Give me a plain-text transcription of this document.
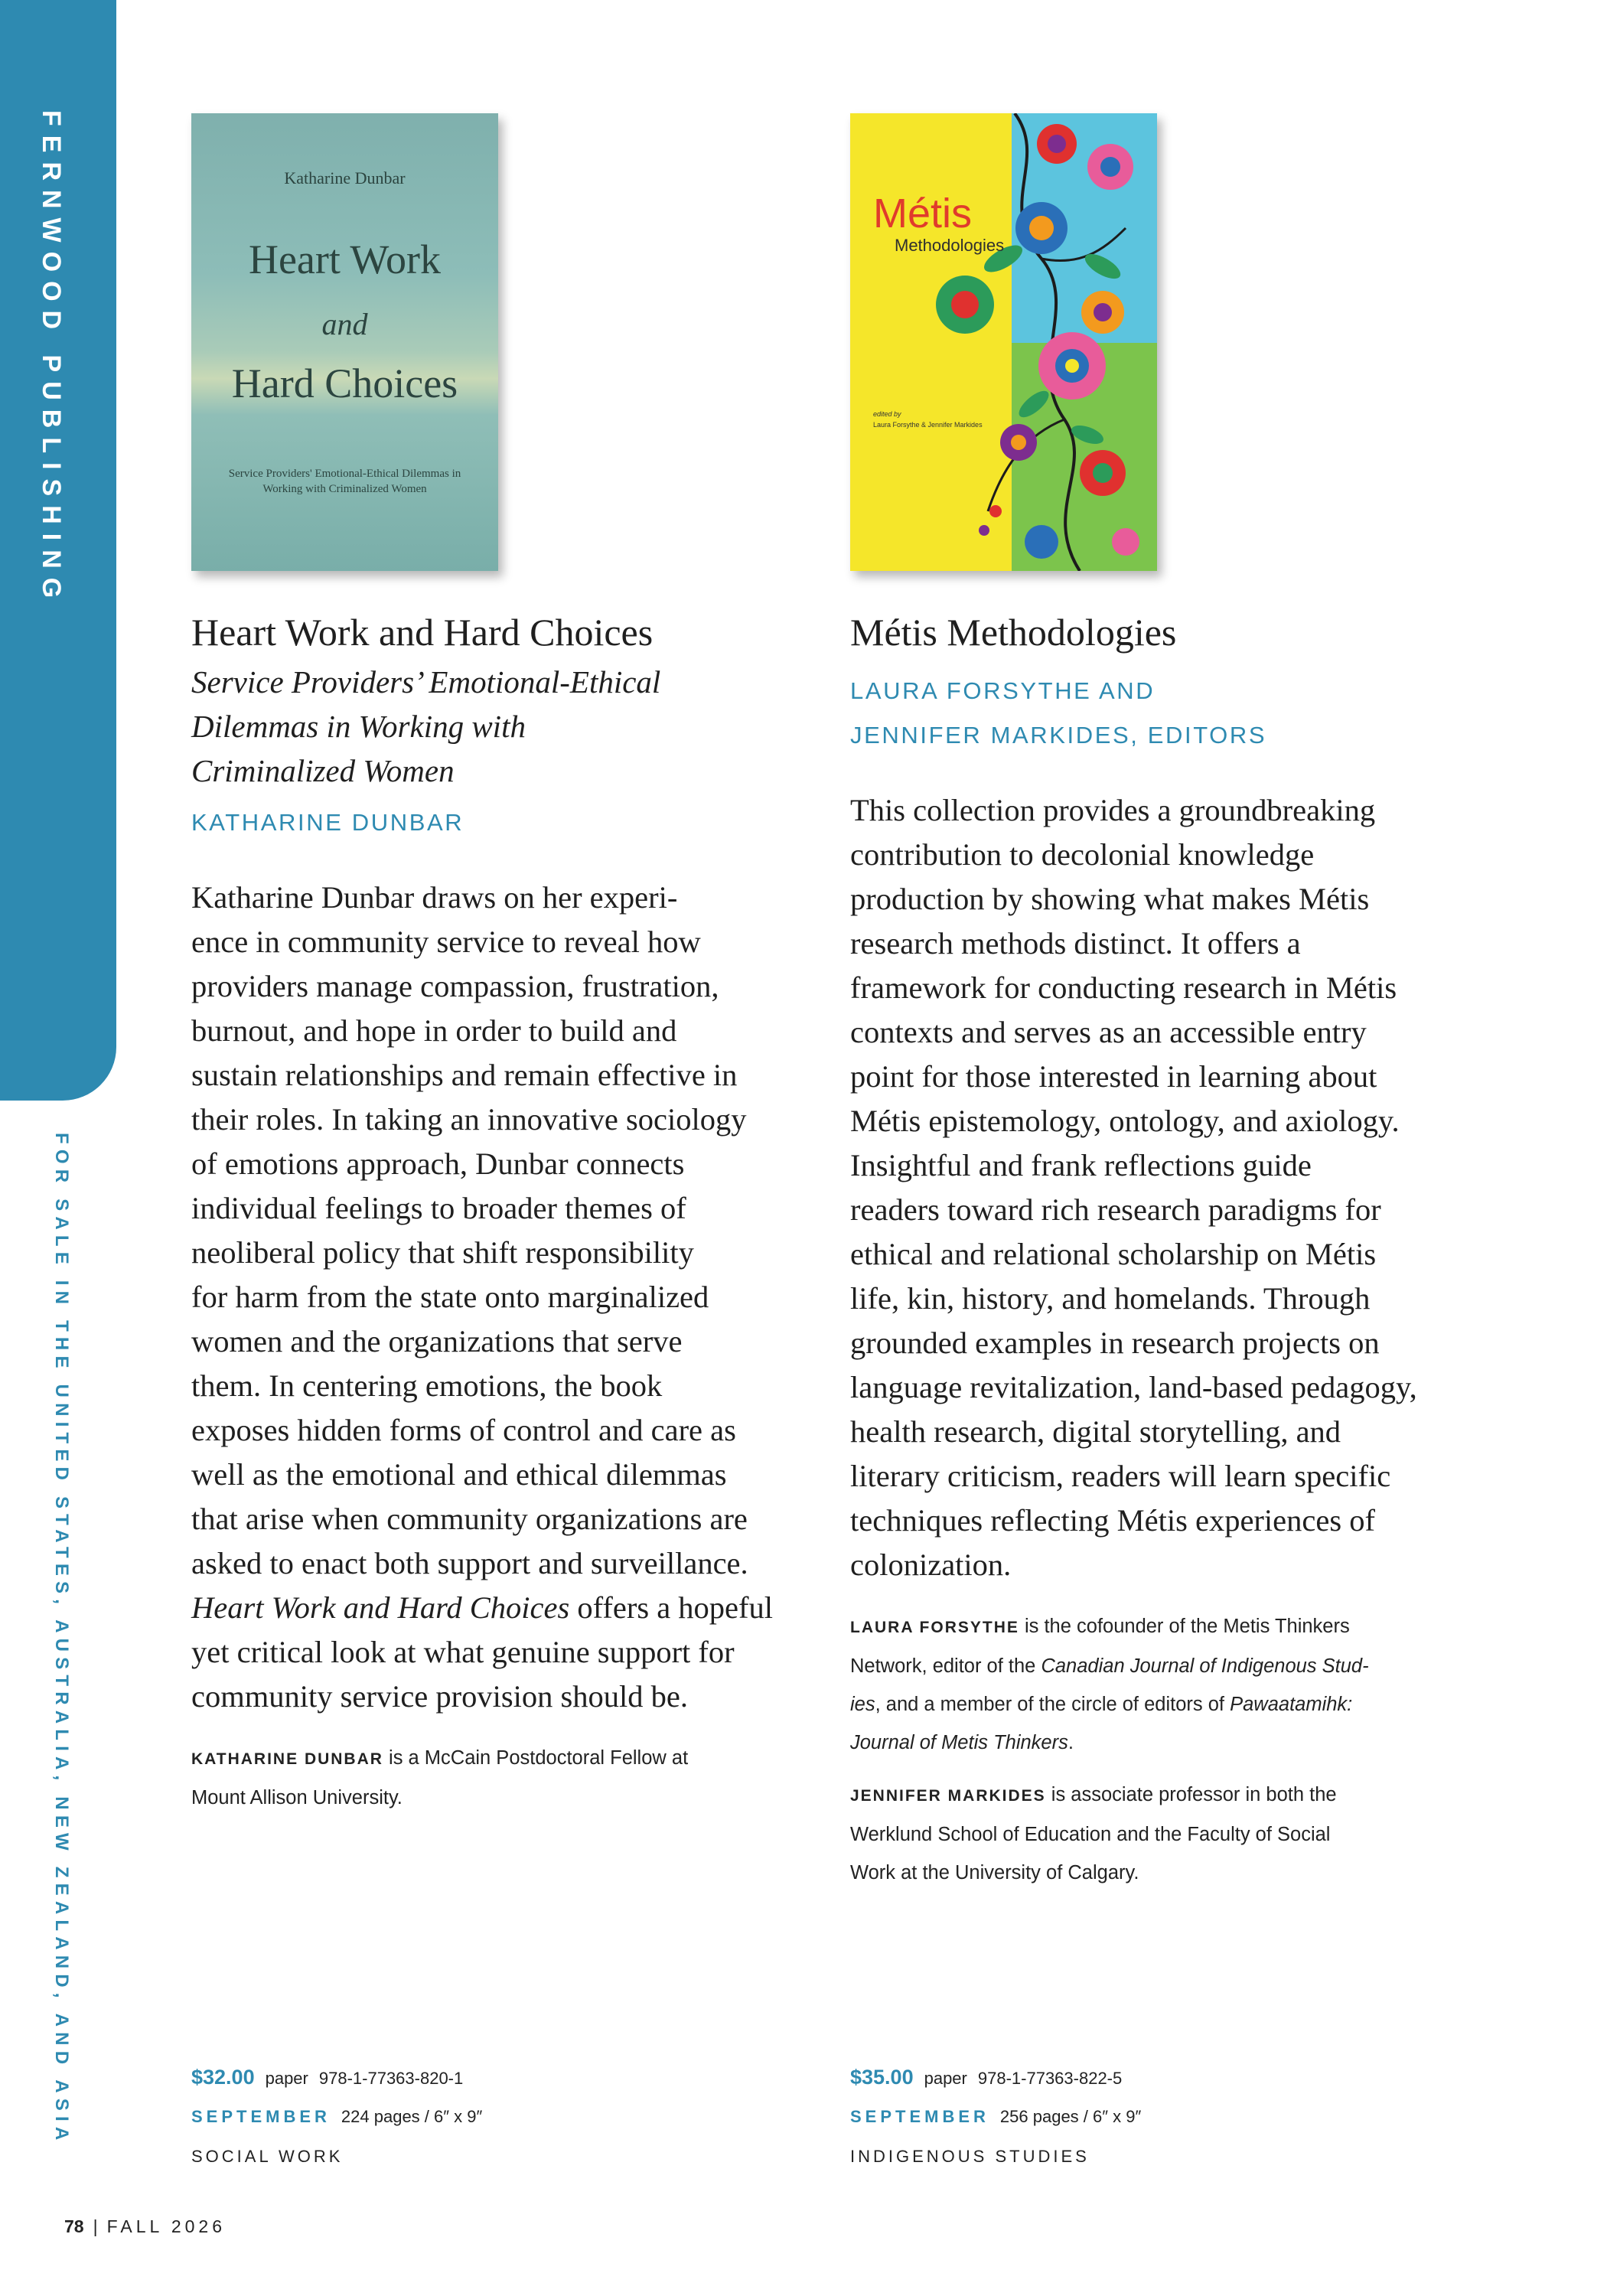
FERNWOOD PUBLISHING
FOR SALE IN THE UNITED STATES, AUSTRALIA, NEW ZEALAND, AND ASIA
Katharine Dunbar
Heart Work
and
Hard Choices
Service Providers' Emotional-Ethical Dilemmas in Working with Criminalized Women
Heart Work and Hard Choices
Service Providers’ Emotional-Ethical
Dilemmas in Working with
Criminalized Women
KATHARINE DUNBAR
Katharine Dunbar draws on her experi-
ence in community service to reveal how
providers manage compassion, frustration,
burnout, and hope in order to build and
sustain relationships and remain effective in
their roles. In taking an innovative sociology
of emotions approach, Dunbar connects
individual feelings to broader themes of
neoliberal policy that shift responsibility
for harm from the state onto marginalized
women and the organizations that serve
them. In centering emotions, the book
exposes hidden forms of control and care as
well as the emotional and ethical dilemmas
that arise when community organizations are
asked to enact both support and surveillance.
Heart Work and Hard Choices offers a hopeful
yet critical look at what genuine support for
community service provision should be.
KATHARINE DUNBAR is a McCain Postdoctoral Fellow at
Mount Allison University.
Métis
Methodologies
edited by
Laura Forsythe & Jennifer Markides
Métis Methodologies
LAURA FORSYTHE AND
JENNIFER MARKIDES, EDITORS
This collection provides a groundbreaking
contribution to decolonial knowledge
production by showing what makes Métis
research methods distinct. It offers a
framework for conducting research in Métis
contexts and serves as an accessible entry
point for those interested in learning about
Métis epistemology, ontology, and axiology.
Insightful and frank reflections guide
readers toward rich research paradigms for
ethical and relational scholarship on Métis
life, kin, history, and homelands. Through
grounded examples in research projects on
language revitalization, land-based pedagogy,
health research, digital storytelling, and
literary criticism, readers will learn specific
techniques reflecting Métis experiences of
colonization.
LAURA FORSYTHE is the cofounder of the Metis Thinkers
Network, editor of the Canadian Journal of Indigenous Stud-
ies, and a member of the circle of editors of Pawaatamihk:
Journal of Metis Thinkers.
JENNIFER MARKIDES is associate professor in both the
Werklund School of Education and the Faculty of Social
Work at the University of Calgary.
$32.00 paper 978-1-77363-820-1
SEPTEMBER 224 pages / 6″ x 9″
SOCIAL WORK
$35.00 paper 978-1-77363-822-5
SEPTEMBER 256 pages / 6″ x 9″
INDIGENOUS STUDIES
78 | FALL 2026
